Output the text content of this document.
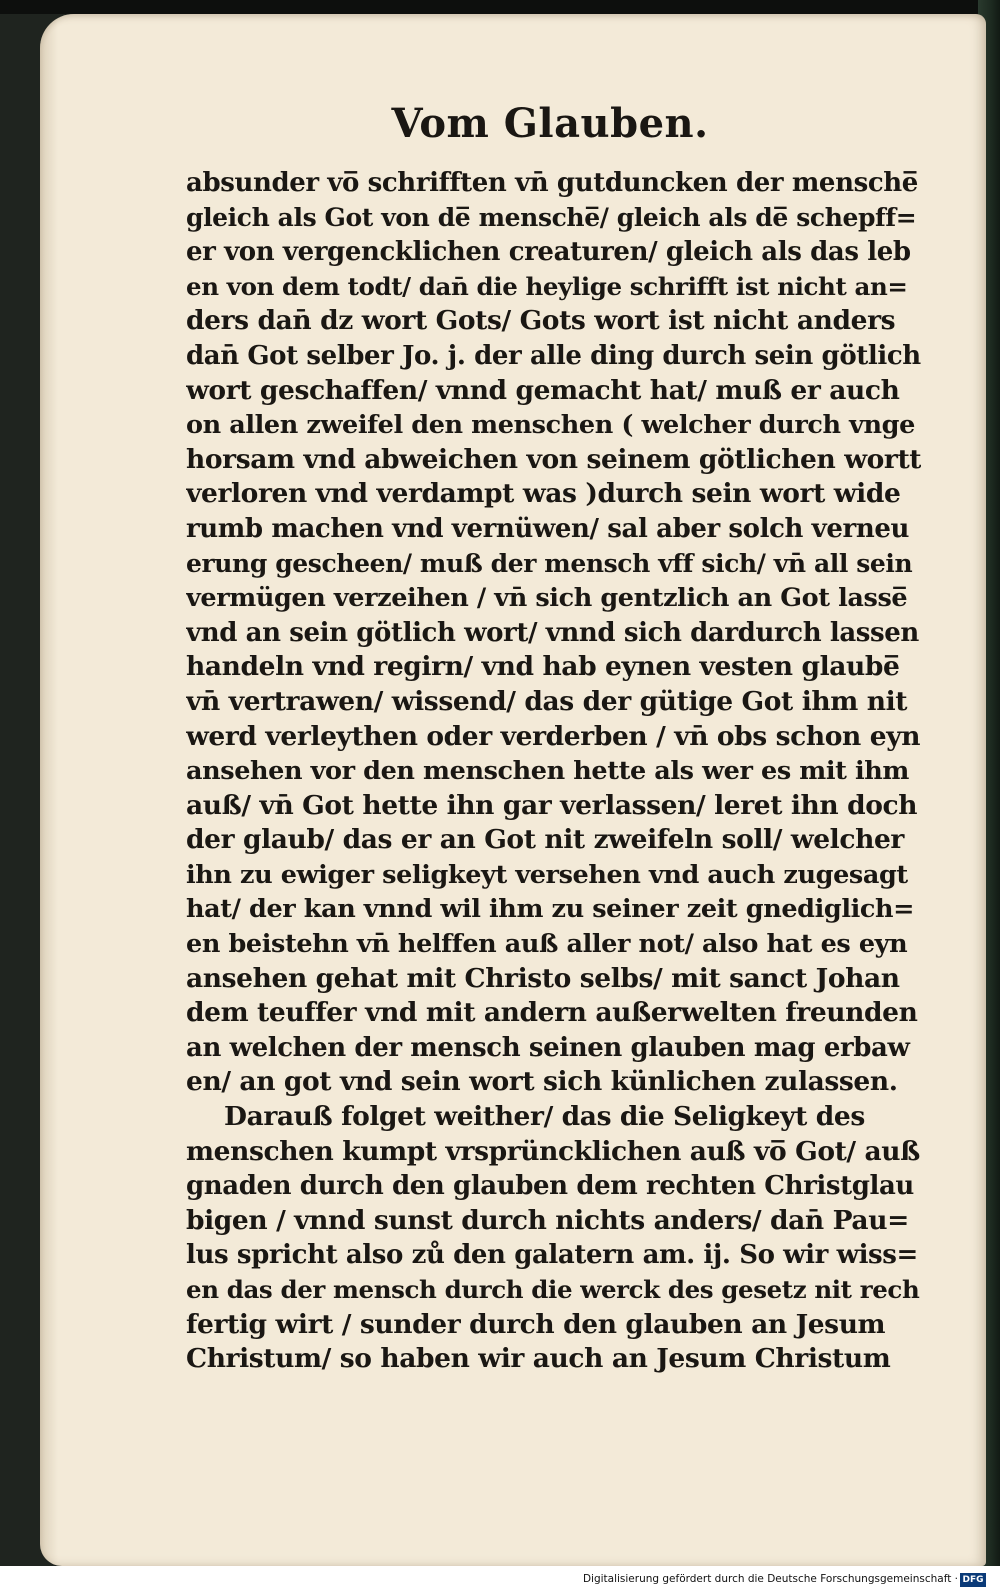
Vom Glauben.
absunder vo̅ schrifften vn̄ gutduncken der mensche̅
gleich als Got von de̅ mensche̅/ gleich als de̅ schepff=
er von vergencklichen creaturen/ gleich als das leb
en von dem todt/ dan̄ die heylige schrifft ist nicht an=
ders dan̄ dz wort Gots/ Gots wort ist nicht anders
dan̄ Got selber Jo. j. der alle ding durch sein götlich
wort geschaffen/ vnnd gemacht hat/ muß er auch
on allen zweifel den menschen ( welcher durch vnge
horsam vnd abweichen von seinem götlichen wortt
verloren vnd verdampt was )durch sein wort wide
rumb machen vnd vernüwen/ sal aber solch verneu
erung gescheen/ muß der mensch vff sich/ vn̄ all sein
vermügen verzeihen / vn̄ sich gentzlich an Got lasse̅
vnd an sein götlich wort/ vnnd sich dardurch lassen
handeln vnd regirn/ vnd hab eynen vesten glaube̅
vn̄ vertrawen/ wissend/ das der gütige Got ihm nit
werd verleythen oder verderben / vn̄ obs schon eyn
ansehen vor den menschen hette als wer es mit ihm
auß/ vn̄ Got hette ihn gar verlassen/ leret ihn doch
der glaub/ das er an Got nit zweifeln soll/ welcher
ihn zu ewiger seligkeyt versehen vnd auch zugesagt
hat/ der kan vnnd wil ihm zu seiner zeit gnediglich=
en beistehn vn̄ helffen auß aller not/ also hat es eyn
ansehen gehat mit Christo selbs/ mit sanct Johan
dem teuffer vnd mit andern außerwelten freunden
an welchen der mensch seinen glauben mag erbaw
en/ an got vnd sein wort sich künlichen zulassen.
Darauß folget weither/ das die Seligkeyt des
menschen kumpt vrsprüncklichen auß vo̅ Got/ auß
gnaden durch den glauben dem rechten Christglau
bigen / vnnd sunst durch nichts anders/ dan̄ Pau=
lus spricht also zů den galatern am. ij. So wir wiss=
en das der mensch durch die werck des gesetz nit rech
fertig wirt / sunder durch den glauben an Jesum
Christum/ so haben wir auch an Jesum Christum
Digitalisierung gefördert durch die Deutsche Forschungsgemeinschaft · DFG
